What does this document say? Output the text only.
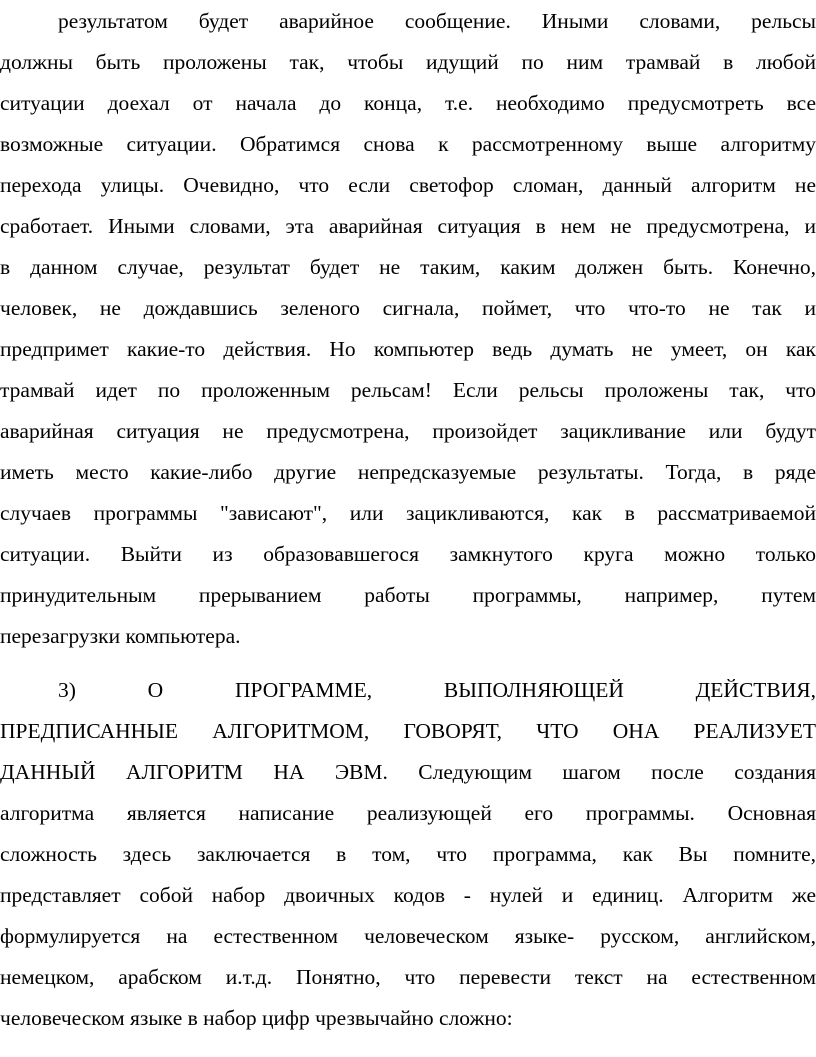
результатом будет аварийное сообщение. Иными словами, рельсы
должны быть проложены так, чтобы идущий по ним трамвай в любой
ситуации доехал от начала до конца, т.е. необходимо предусмотреть все
возможные ситуации. Обратимся снова к рассмотренному выше алгоритму
перехода улицы. Очевидно, что если светофор сломан, данный алгоритм не
сработает. Иными словами, эта аварийная ситуация в нем не предусмотрена, и
в данном случае, результат будет не таким, каким должен быть. Конечно,
человек, не дождавшись зеленого сигнала, поймет, что что-то не так и
предпримет какие-то действия. Но компьютер ведь думать не умеет, он как
трамвай идет по проложенным рельсам! Если рельсы проложены так, что
аварийная ситуация не предусмотрена, произойдет зацикливание или будут
иметь место какие-либо другие непредсказуемые результаты. Тогда, в ряде
случаев программы "зависают", или зацикливаются, как в рассматриваемой
ситуации. Выйти из образовавшегося замкнутого круга можно только
принудительным прерыванием работы программы, например, путем
перезагрузки компьютера.
3) О ПРОГРАММЕ, ВЫПОЛНЯЮЩЕЙ ДЕЙСТВИЯ,
ПРЕДПИСАННЫЕ АЛГОРИТМОМ, ГОВОРЯТ, ЧТО ОНА РЕАЛИЗУЕТ
ДАННЫЙ АЛГОРИТМ НА ЭВМ. Следующим шагом после создания
алгоритма является написание реализующей его программы. Основная
сложность здесь заключается в том, что программа, как Вы помните,
представляет собой набор двоичных кодов - нулей и единиц. Алгоритм же
формулируется на естественном человеческом языке- русском, английском,
немецком, арабском и.т.д. Понятно, что перевести текст на естественном
человеческом языке в набор цифр чрезвычайно сложно:
